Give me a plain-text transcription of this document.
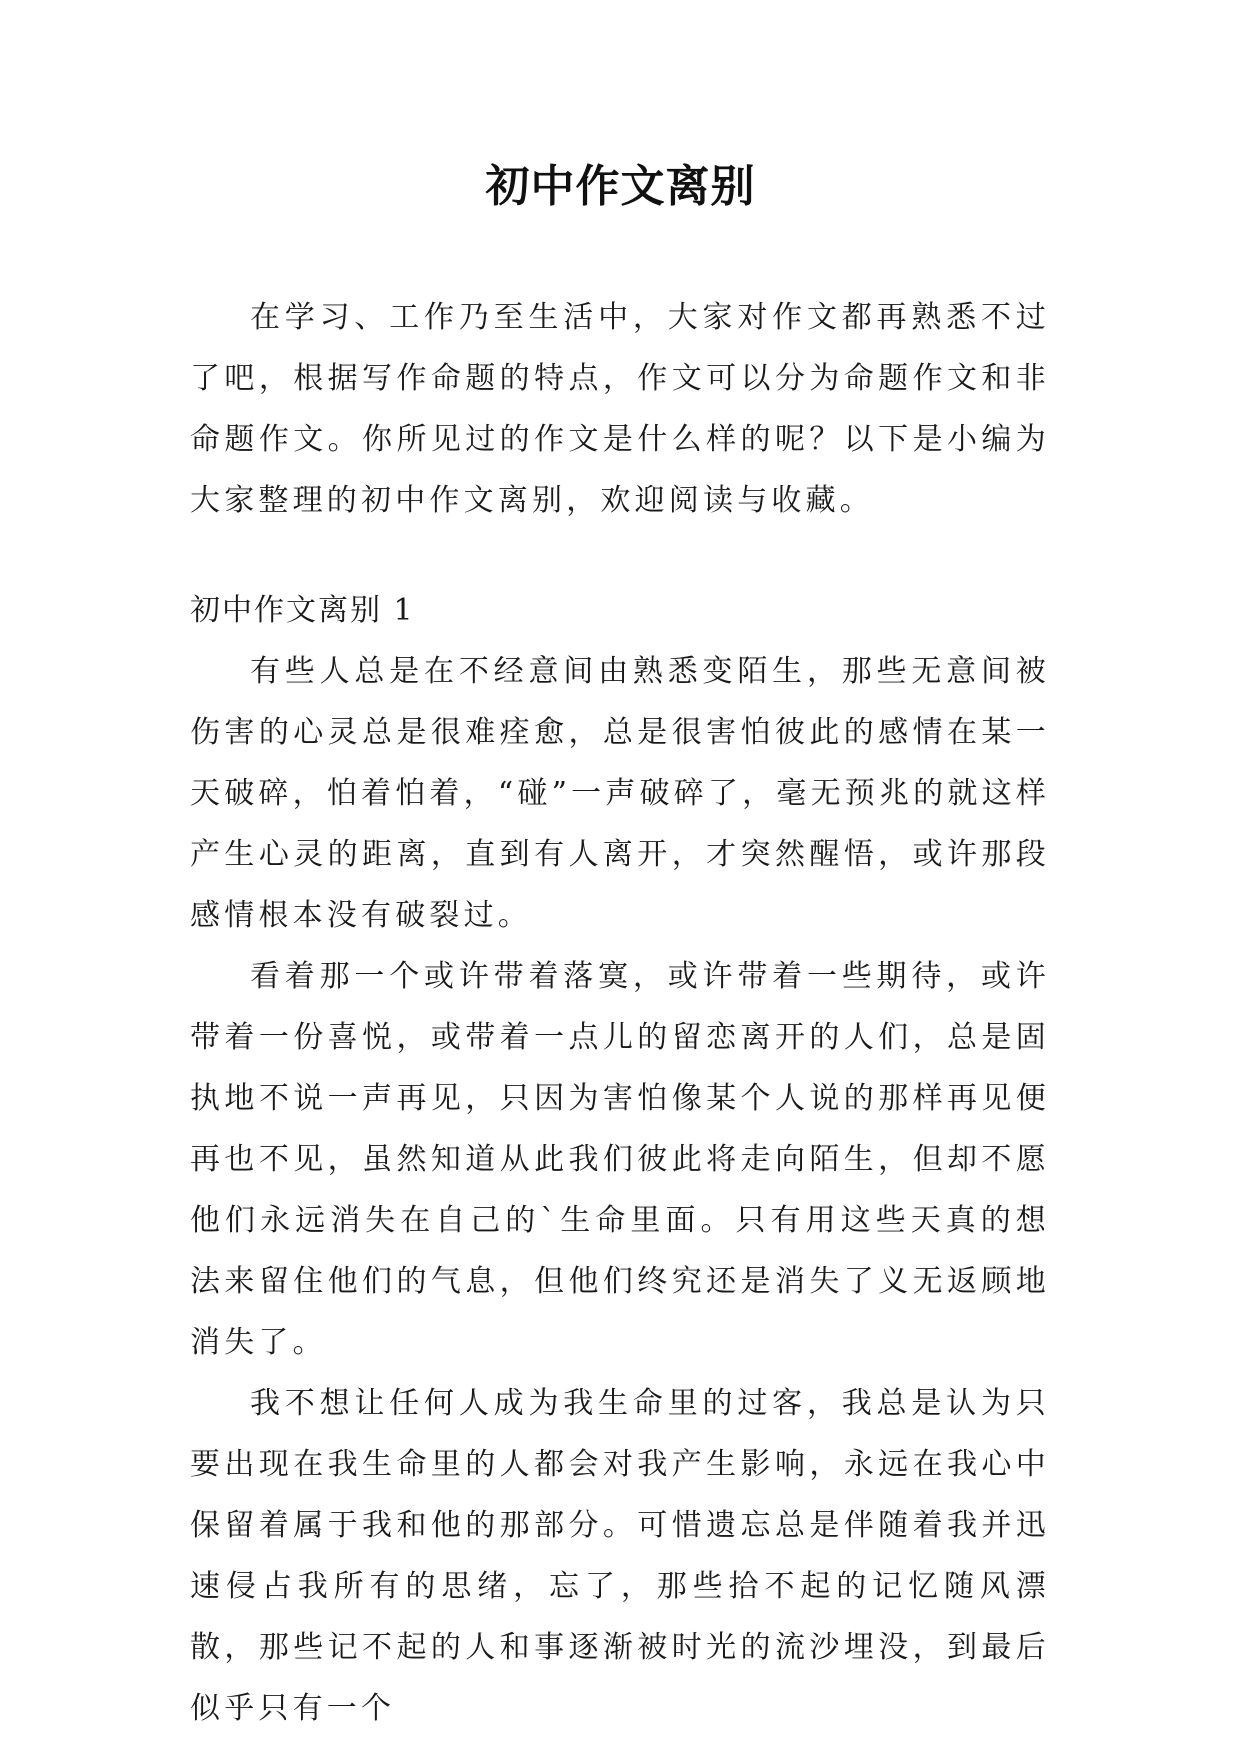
初中作文离别

在学习、工作乃至生活中，大家对作文都再熟悉不过了吧，根据写作命题的特点，作文可以分为命题作文和非命题作文。你所见过的作文是什么样的呢？以下是小编为大家整理的初中作文离别，欢迎阅读与收藏。

初中作文离别 1

有些人总是在不经意间由熟悉变陌生，那些无意间被伤害的心灵总是很难痊愈，总是很害怕彼此的感情在某一天破碎，怕着怕着，“碰”一声破碎了，毫无预兆的就这样产生心灵的距离，直到有人离开，才突然醒悟，或许那段感情根本没有破裂过。

看着那一个或许带着落寞，或许带着一些期待，或许带着一份喜悦，或带着一点儿的留恋离开的人们，总是固执地不说一声再见，只因为害怕像某个人说的那样再见便再也不见，虽然知道从此我们彼此将走向陌生，但却不愿他们永远消失在自己的`生命里面。只有用这些天真的想法来留住他们的气息，但他们终究还是消失了义无返顾地消失了。

我不想让任何人成为我生命里的过客，我总是认为只要出现在我生命里的人都会对我产生影响，永远在我心中保留着属于我和他的那部分。可惜遗忘总是伴随着我并迅速侵占我所有的思绪，忘了，那些拾不起的记忆随风漂散，那些记不起的人和事逐渐被时光的流沙埋没，到最后似乎只有一个
